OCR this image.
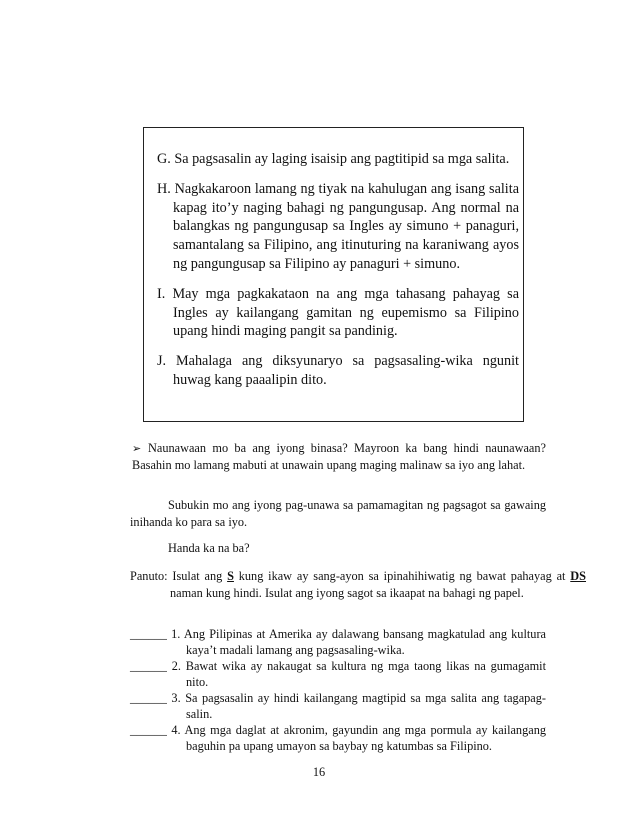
G. Sa pagsasalin ay laging isaisip ang pagtitipid sa mga salita.
H. Nagkakaroon lamang ng tiyak na kahulugan ang isang salita kapag ito’y naging bahagi ng pangungusap. Ang normal na balangkas ng pangungusap sa Ingles ay simuno + panaguri, samantalang sa Filipino, ang itinuturing na karaniwang ayos ng pangungusap sa Filipino ay panaguri + simuno.
I. May mga pagkakataon na ang mga tahasang pahayag sa Ingles ay kailangang gamitan ng eupemismo sa Filipino upang hindi maging pangit sa pandinig.
J. Mahalaga ang diksyunaryo sa pagsasaling-wika ngunit huwag kang paaalipin dito.
➢ Naunawaan mo ba ang iyong binasa? Mayroon ka bang hindi naunawaan? Basahin mo lamang mabuti at unawain upang maging malinaw sa iyo ang lahat.
Subukin mo ang iyong pag-unawa sa pamamagitan ng pagsagot sa gawaing inihanda ko para sa iyo.
Handa ka na ba?
Panuto: Isulat ang S kung ikaw ay sang-ayon sa ipinahihiwatig ng bawat pahayag at DS naman kung hindi. Isulat ang iyong sagot sa ikaapat na bahagi ng papel.
______ 1. Ang Pilipinas at Amerika ay dalawang bansang magkatulad ang kultura kaya’t madali lamang ang pagsasaling-wika.
______ 2. Bawat wika ay nakaugat sa kultura ng mga taong likas na gumagamit nito.
______ 3. Sa pagsasalin ay hindi kailangang magtipid sa mga salita ang tagapag-salin.
______ 4. Ang mga daglat at akronim, gayundin ang mga pormula ay kailangang baguhin pa upang umayon sa baybay ng katumbas sa Filipino.
16
